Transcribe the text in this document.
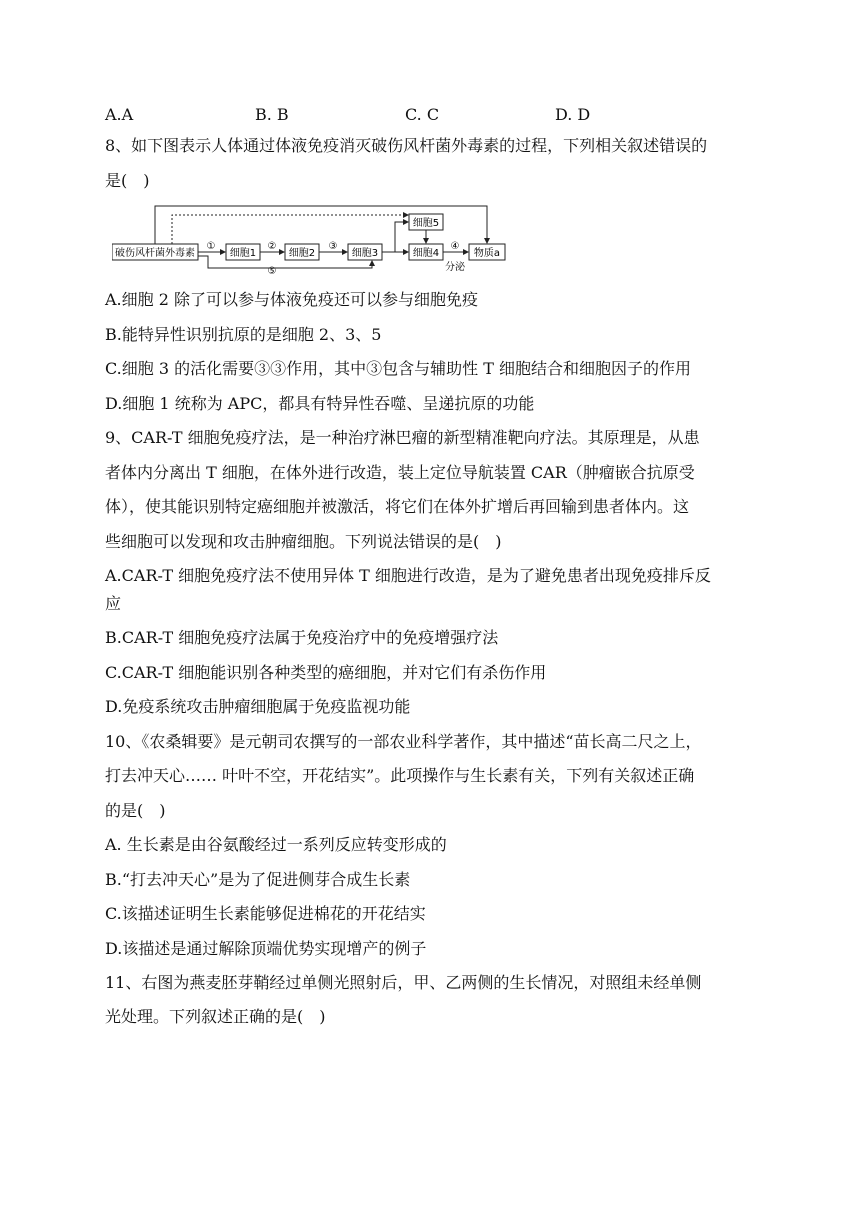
A.A	B. B	C. C	D. D
8、如下图表示人体通过体液免疫消灭破伤风杆菌外毒素的过程，下列相关叙述错误的
是(　)
破伤风杆菌外毒素	细胞1	细胞2	细胞3
细胞5
细胞4	物质a
①	②	③	④
分泌
⑤
A.细胞 2 除了可以参与体液免疫还可以参与细胞免疫
B.能特异性识别抗原的是细胞 2、3、5
C.细胞 3 的活化需要③③作用，其中③包含与辅助性 T 细胞结合和细胞因子的作用
D.细胞 1 统称为 APC，都具有特异性吞噬、呈递抗原的功能
9、CAR-T 细胞免疫疗法，是一种治疗淋巴瘤的新型精准靶向疗法。其原理是，从患
者体内分离出 T 细胞，在体外进行改造，装上定位导航装置 CAR（肿瘤嵌合抗原受
体），使其能识别特定癌细胞并被激活，将它们在体外扩增后再回输到患者体内。这
些细胞可以发现和攻击肿瘤细胞。下列说法错误的是(　)
A.CAR-T 细胞免疫疗法不使用异体 T 细胞进行改造，是为了避免患者出现免疫排斥反
应
B.CAR-T 细胞免疫疗法属于免疫治疗中的免疫增强疗法
C.CAR-T 细胞能识别各种类型的癌细胞，并对它们有杀伤作用
D.免疫系统攻击肿瘤细胞属于免疫监视功能
10、《农桑辑要》是元朝司农撰写的一部农业科学著作，其中描述“苗长高二尺之上，
打去冲天心…… 叶叶不空，开花结实”。此项操作与生长素有关，下列有关叙述正确
的是(　)
A. 生长素是由谷氨酸经过一系列反应转变形成的
B.“打去冲天心”是为了促进侧芽合成生长素
C.该描述证明生长素能够促进棉花的开花结实
D.该描述是通过解除顶端优势实现增产的例子
11、右图为燕麦胚芽鞘经过单侧光照射后，甲、乙两侧的生长情况，对照组未经单侧
光处理。下列叙述正确的是(　)
